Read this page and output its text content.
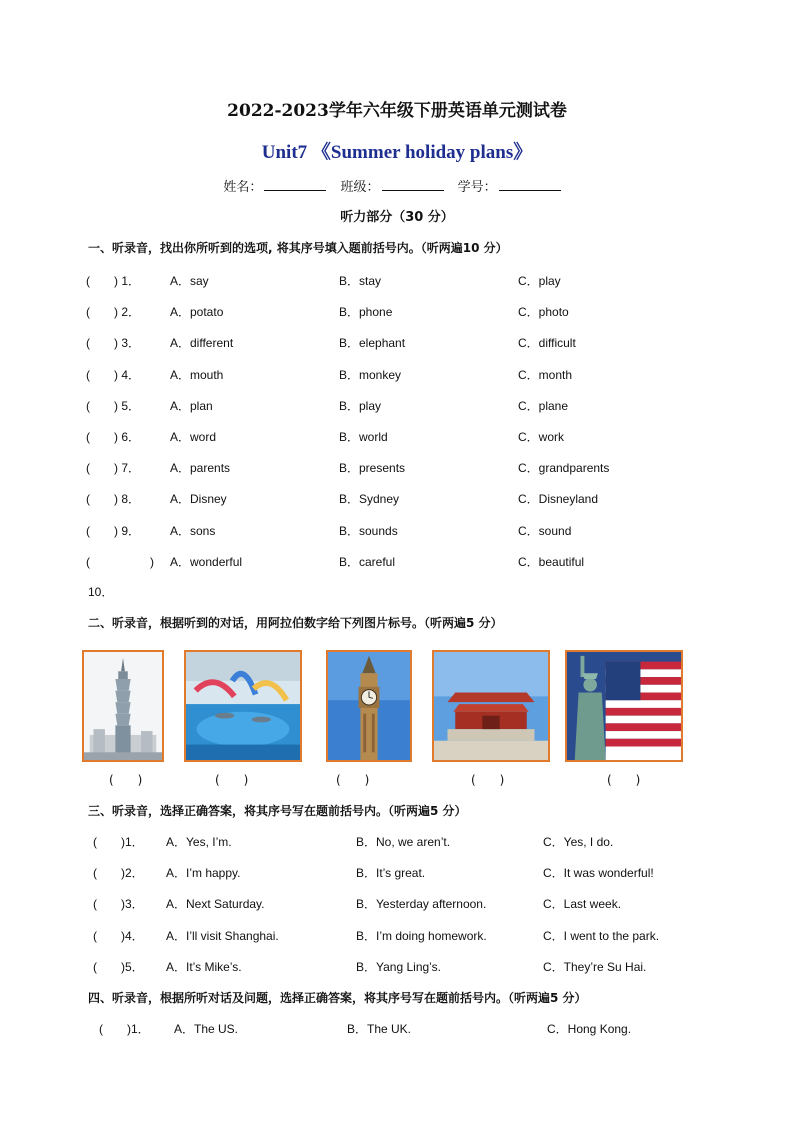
2022-2023学年六年级下册英语单元测试卷
Unit7 《Summer holiday plans》
姓名：	班级：	学号：
听力部分（30 分）
一、听录音，找出你所听到的选项, 将其序号填入题前括号内。（听两遍10 分）
(　　) 1． A．say	B．stay	C．play
(　　) 2． A．potato	B．phone	C．photo
(　　) 3． A．different	B．elephant	C．difficult
(　　) 4． A．mouth	B．monkey	C．month
(　　) 5． A．plan	B．play	C．plane
(　　) 6． A．word	B．world	C．work
(　　) 7． A．parents	B．presents	C．grandparents
(　　) 8． A．Disney	B．Sydney	C．Disneyland
(　　) 9． A．sons	B．sounds	C．sound
(　　　　　) A．wonderful	B．careful	C．beautiful
10．
二、听录音，根据听到的对话，用阿拉伯数字给下列图片标号。（听两遍5 分）
(　　)	(　　)	(　　)	(　　)	(　　)
三、听录音，选择正确答案，将其序号写在题前括号内。（听两遍5 分）
(　　)1． A．Yes, I’m.	B．No, we aren’t.	C．Yes, I do.
(　　)2． A．I’m happy.	B．It’s great.	C．It was wonderful!
(　　)3． A．Next Saturday.	B．Yesterday afternoon.	C．Last week.
(　　)4． A．I’ll visit Shanghai.	B．I’m doing homework.	C．I went to the park.
(　　)5． A．It’s Mike’s.	B．Yang Ling’s.	C．They’re Su Hai.
四、听录音，根据所听对话及问题，选择正确答案，将其序号写在题前括号内。（听两遍5 分）
(　　)1． A．The US.	B．The UK.	C．Hong Kong.
